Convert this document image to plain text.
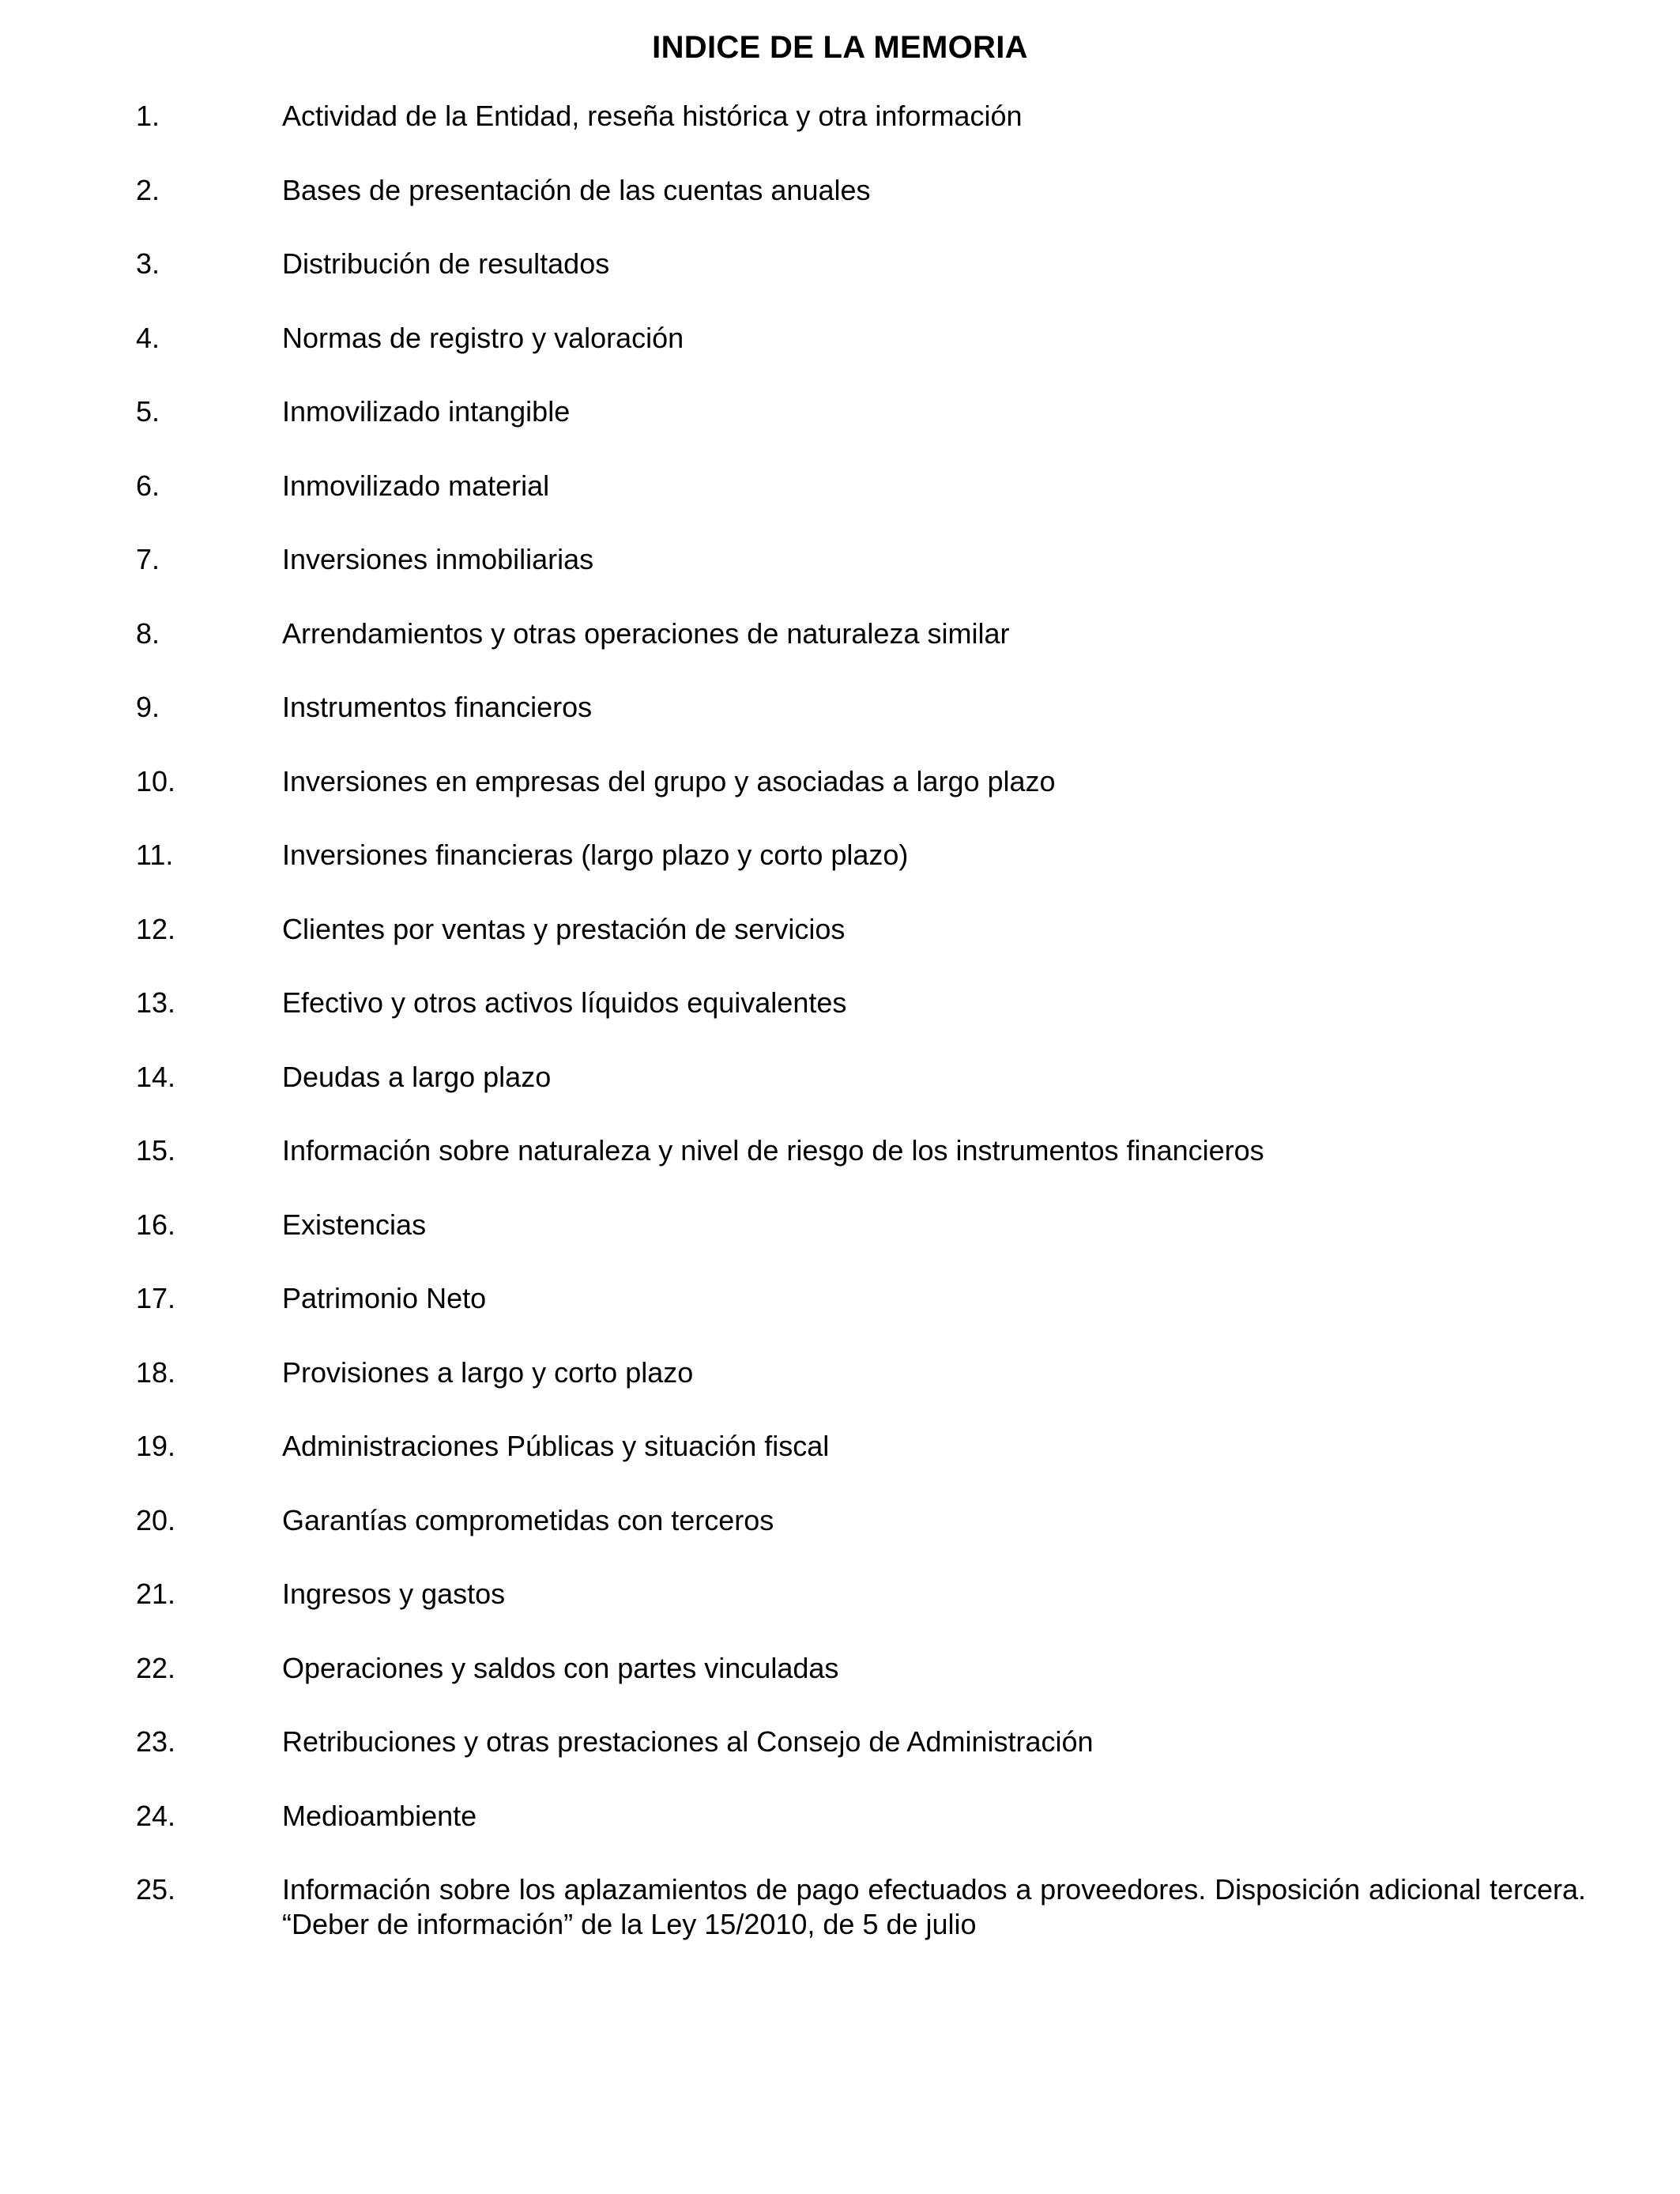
INDICE DE LA MEMORIA
1.	Actividad de la Entidad, reseña histórica y otra información
2.	Bases de presentación de las cuentas anuales
3.	Distribución de resultados
4.	Normas de registro y valoración
5.	Inmovilizado intangible
6.	Inmovilizado material
7.	Inversiones inmobiliarias
8.	Arrendamientos y otras operaciones de naturaleza similar
9.	Instrumentos financieros
10.	Inversiones en empresas del grupo y asociadas a largo plazo
11.	Inversiones financieras (largo plazo y corto plazo)
12.	Clientes por ventas y prestación de servicios
13.	Efectivo y otros activos líquidos equivalentes
14.	Deudas a largo plazo
15.	Información sobre naturaleza y nivel de riesgo de los instrumentos financieros
16.	Existencias
17.	Patrimonio Neto
18.	Provisiones a largo y corto plazo
19.	Administraciones Públicas y situación fiscal
20.	Garantías comprometidas con terceros
21.	Ingresos y gastos
22.	Operaciones y saldos con partes vinculadas
23.	Retribuciones y otras prestaciones al Consejo de Administración
24.	Medioambiente
25.	Información sobre los aplazamientos de pago efectuados a proveedores. Disposición adicional tercera. “Deber de información” de la Ley 15/2010, de 5 de julio
